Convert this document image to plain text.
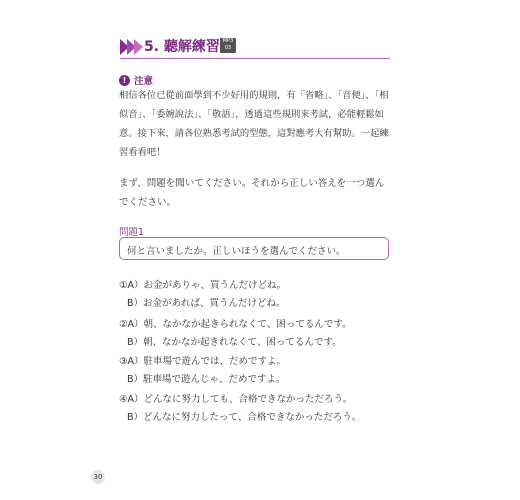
5. 聽解練習 MP3
03
! 注意
相信各位已從前面學到不少好用的規則，有「省略」、「音便」、「相似音」、「委婉說法」、「敬語」，透過這些規則來考試，必能輕鬆如意。接下來，請各位熟悉考試的型態，這對應考大有幫助。一起練習看看吧！
まず、問題を聞いてください。それから正しい答えを一つ選んでください。
問題1
何と言いましたか。正しいほうを選んでください。
①A）お金がありゃ、買うんだけどね。
B）お金があれば、買うんだけどね。
②A）朝、なかなか起きられなくて、困ってるんです。
B）朝、なかなか起きれなくて、困ってるんです。
③A）駐車場で遊んでは、だめですよ。
B）駐車場で遊んじゃ、だめですよ。
④A）どんなに努力しても、合格できなかっただろう。
B）どんなに努力したって、合格できなかっただろう。
30
